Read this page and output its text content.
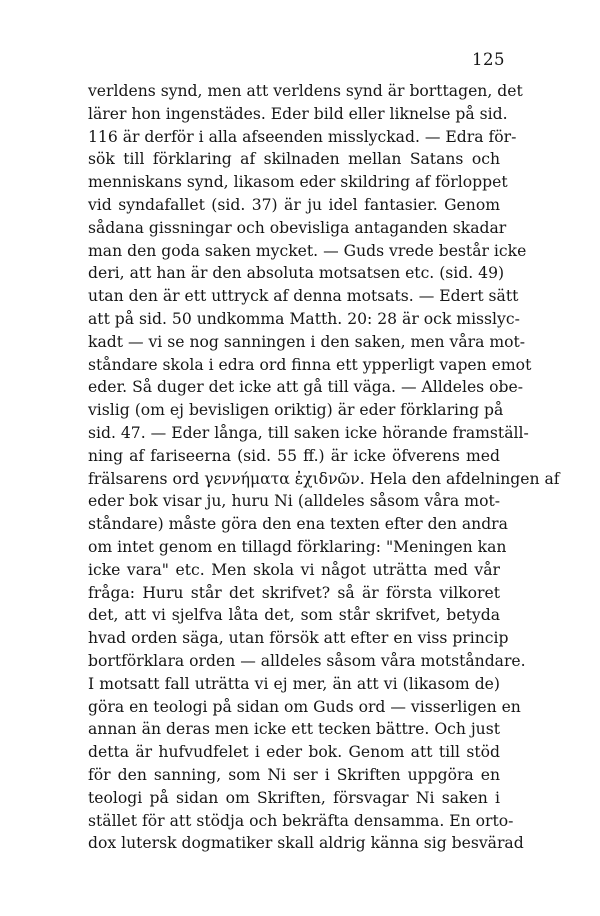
125
verldens synd, men att verldens synd är borttagen, det
lärer hon ingenstädes. Eder bild eller liknelse på sid.
116 är derför i alla afseenden misslyckad. — Edra för-
sök till förklaring af skilnaden mellan Satans och
menniskans synd, likasom eder skildring af förloppet
vid syndafallet (sid. 37) är ju idel fantasier. Genom
sådana gissningar och obevisliga antaganden skadar
man den goda saken mycket. — Guds vrede består icke
deri, att han är den absoluta motsatsen etc. (sid. 49)
utan den är ett uttryck af denna motsats. — Edert sätt
att på sid. 50 undkomma Matth. 20: 28 är ock misslyc-
kadt — vi se nog sanningen i den saken, men våra mot-
ståndare skola i edra ord finna ett ypperligt vapen emot
eder. Så duger det icke att gå till väga. — Alldeles obe-
vislig (om ej bevisligen oriktig) är eder förklaring på
sid. 47. — Eder långa, till saken icke hörande framställ-
ning af fariseerna (sid. 55 ff.) är icke öfverens med
frälsarens ord γεννήματα ἐχιδνῶν. Hela den afdelningen af
eder bok visar ju, huru Ni (alldeles såsom våra mot-
ståndare) måste göra den ena texten efter den andra
om intet genom en tillagd förklaring: "Meningen kan
icke vara" etc. Men skola vi något uträtta med vår
fråga: Huru står det skrifvet? så är första vilkoret
det, att vi sjelfva låta det, som står skrifvet, betyda
hvad orden säga, utan försök att efter en viss princip
bortförklara orden — alldeles såsom våra motståndare.
I motsatt fall uträtta vi ej mer, än att vi (likasom de)
göra en teologi på sidan om Guds ord — visserligen en
annan än deras men icke ett tecken bättre. Och just
detta är hufvudfelet i eder bok. Genom att till stöd
för den sanning, som Ni ser i Skriften uppgöra en
teologi på sidan om Skriften, försvagar Ni saken i
stället för att stödja och bekräfta densamma. En orto-
dox lutersk dogmatiker skall aldrig känna sig besvärad
